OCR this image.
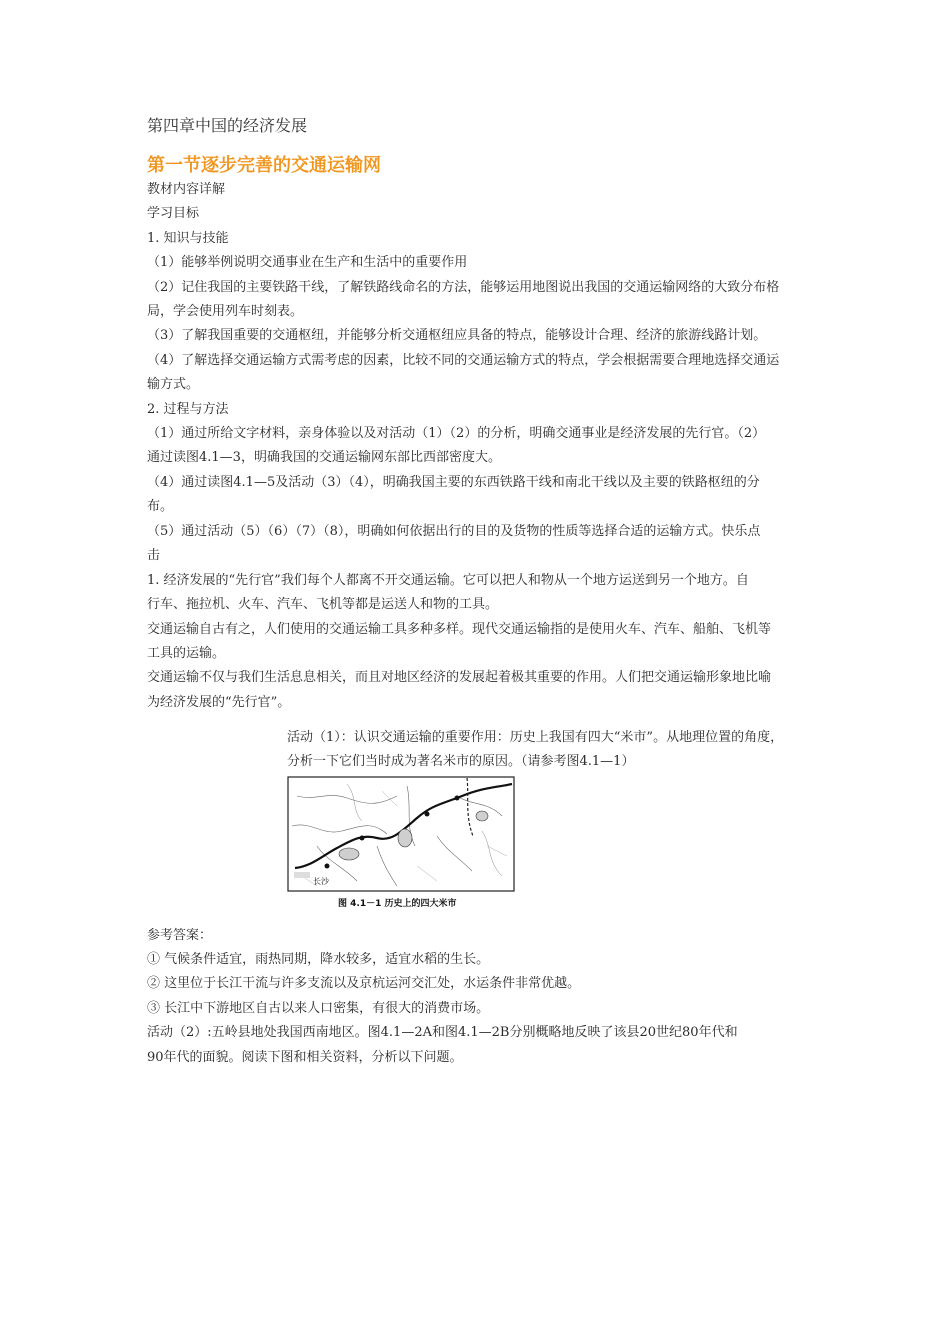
第四章中国的经济发展
第一节逐步完善的交通运输网

教材内容详解

学习目标

1. 知识与技能

（1）能够举例说明交通事业在生产和生活中的重要作用

（2）记住我国的主要铁路干线，了解铁路线命名的方法，能够运用地图说出我国的交通运输网络的大致分布格

局，学会使用列车时刻表。

（3）了解我国重要的交通枢纽，并能够分析交通枢纽应具备的特点，能够设计合理、经济的旅游线路计划。

（4）了解选择交通运输方式需考虑的因素，比较不同的交通运输方式的特点，学会根据需要合理地选择交通运

输方式。

2. 过程与方法

（1）通过所给文字材料，亲身体验以及对活动（1）（2）的分析，明确交通事业是经济发展的先行官。（2）

通过读图4.1—3，明确我国的交通运输网东部比西部密度大。

（4）通过读图4.1—5及活动（3）（4），明确我国主要的东西铁路干线和南北干线以及主要的铁路枢纽的分

布。

（5）通过活动（5）（6）（7）（8），明确如何依据出行的目的及货物的性质等选择合适的运输方式。快乐点

击

1. 经济发展的“先行官”我们每个人都离不开交通运输。它可以把人和物从一个地方运送到另一个地方。自

行车、拖拉机、火车、汽车、飞机等都是运送人和物的工具。

交通运输自古有之，人们使用的交通运输工具多种多样。现代交通运输指的是使用火车、汽车、船舶、飞机等

工具的运输。

交通运输不仅与我们生活息息相关，而且对地区经济的发展起着极其重要的作用。人们把交通运输形象地比喻

为经济发展的“先行官”。

活动（1）：认识交通运输的重要作用：历史上我国有四大“米市”。从地理位置的角度，

分析一下它们当时成为著名米市的原因。（请参考图4.1—1）

长沙
图 4.1－1 历史上的四大米市

参考答案：

① 气候条件适宜，雨热同期，降水较多，适宜水稻的生长。

② 这里位于长江干流与许多支流以及京杭运河交汇处，水运条件非常优越。

③ 长江中下游地区自古以来人口密集，有很大的消费市场。

活动（2）:五岭县地处我国西南地区。图4.1—2A和图4.1—2B分别概略地反映了该县20世纪80年代和

90年代的面貌。阅读下图和相关资料，分析以下问题。
